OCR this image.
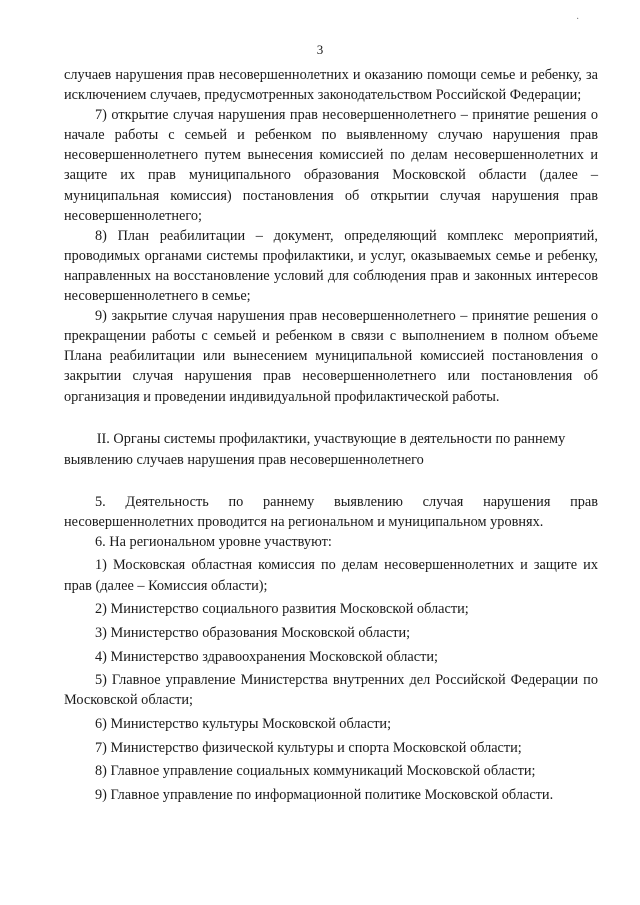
·
3

случаев нарушения прав несовершеннолетних и оказанию помощи семье и ребенку, за исключением случаев, предусмотренных законодательством Российской Федерации;

7) открытие случая нарушения прав несовершеннолетнего – принятие решения о начале работы с семьей и ребенком по выявленному случаю нарушения прав несовершеннолетнего путем вынесения комиссией по делам несовершеннолетних и защите их прав муниципального образования Московской области (далее – муниципальная комиссия) постановления об открытии случая нарушения прав несовершеннолетнего;

8) План реабилитации – документ, определяющий комплекс мероприятий, проводимых органами системы профилактики, и услуг, оказываемых семье и ребенку, направленных на восстановление условий для соблюдения прав и законных интересов несовершеннолетнего в семье;

9) закрытие случая нарушения прав несовершеннолетнего – принятие решения о прекращении работы с семьей и ребенком в связи с выполнением в полном объеме Плана реабилитации или вынесением муниципальной комиссией постановления о закрытии случая нарушения прав несовершеннолетнего или постановления об организация и проведении индивидуальной профилактической работы.

II. Органы системы профилактики, участвующие в деятельности по раннему выявлению случаев нарушения прав несовершеннолетнего

5. Деятельность по раннему выявлению случая нарушения прав несовершеннолетних проводится на региональном и муниципальном уровнях.

6. На региональном уровне участвуют:

1) Московская областная комиссия по делам несовершеннолетних и защите их прав (далее – Комиссия области);

2) Министерство социального развития Московской области;

3) Министерство образования Московской области;

4) Министерство здравоохранения Московской области;

5) Главное управление Министерства внутренних дел Российской Федерации по Московской области;

6) Министерство культуры Московской области;

7) Министерство физической культуры и спорта Московской области;

8) Главное управление социальных коммуникаций Московской области;

9) Главное управление по информационной политике Московской области.
